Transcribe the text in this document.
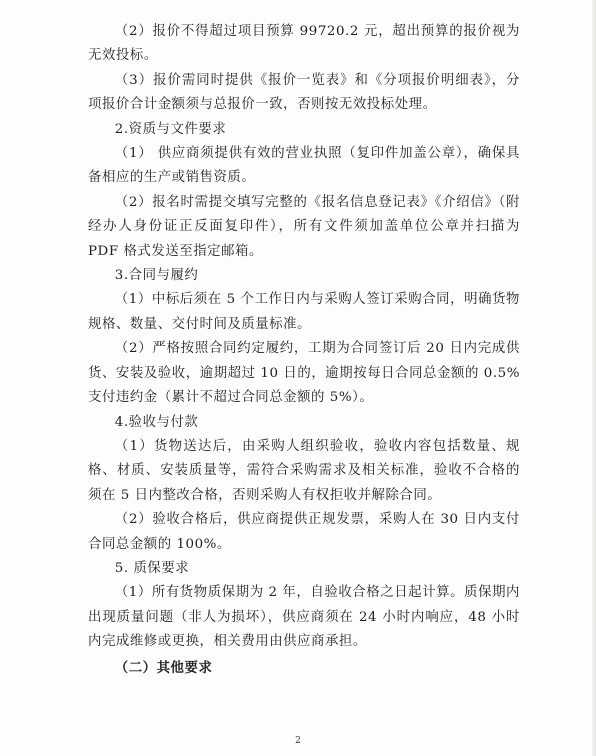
（2）报价不得超过项目预算 99720.2 元，超出预算的报价视为无效投标。

（3）报价需同时提供《报价一览表》和《分项报价明细表》，分项报价合计金额须与总报价一致，否则按无效投标处理。

2.资质与文件要求

（1） 供应商须提供有效的营业执照（复印件加盖公章），确保具备相应的生产或销售资质。

（2）报名时需提交填写完整的《报名信息登记表》《介绍信》（附经办人身份证正反面复印件），所有文件须加盖单位公章并扫描为 PDF 格式发送至指定邮箱。

3.合同与履约

（1）中标后须在 5 个工作日内与采购人签订采购合同，明确货物规格、数量、交付时间及质量标准。

（2）严格按照合同约定履约，工期为合同签订后 20 日内完成供货、安装及验收，逾期超过 10 日的，逾期按每日合同总金额的 0.5%支付违约金（累计不超过合同总金额的 5%）。

4.验收与付款

（1）货物送达后，由采购人组织验收，验收内容包括数量、规格、材质、安装质量等，需符合采购需求及相关标准，验收不合格的须在 5 日内整改合格，否则采购人有权拒收并解除合同。

（2）验收合格后，供应商提供正规发票，采购人在 30 日内支付合同总金额的 100%。

5. 质保要求

（1）所有货物质保期为 2 年，自验收合格之日起计算。质保期内出现质量问题（非人为损坏），供应商须在 24 小时内响应，48 小时内完成维修或更换，相关费用由供应商承担。

（二）其他要求

2
